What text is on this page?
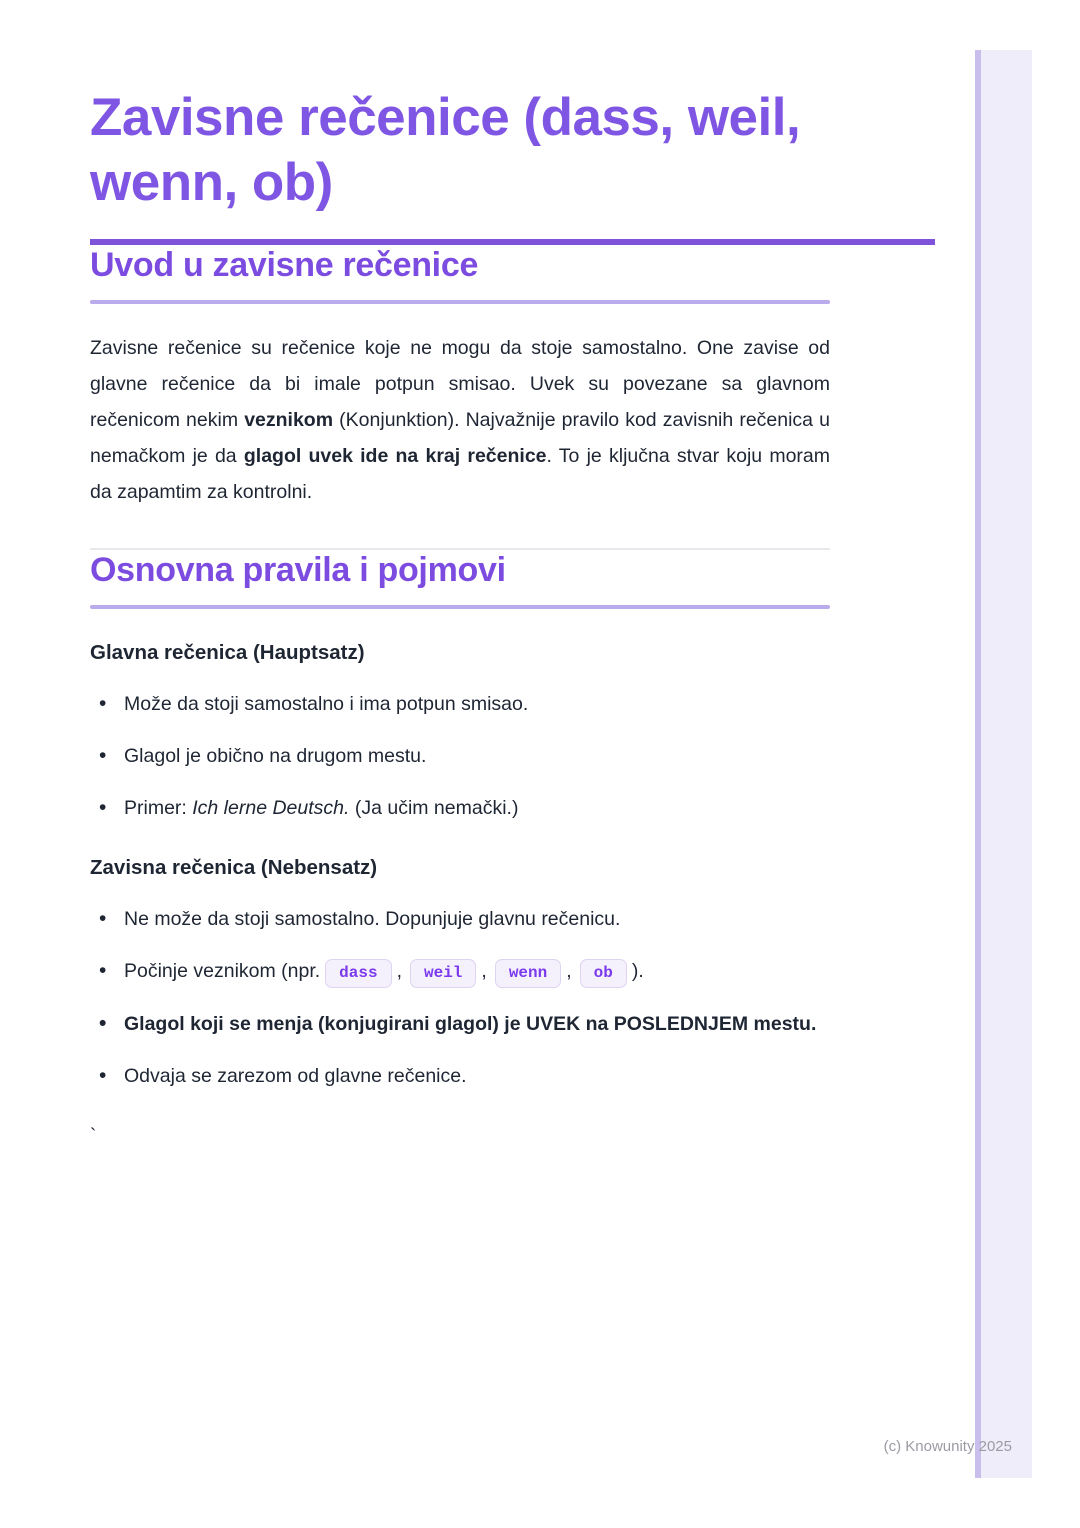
Zavisne rečenice (dass, weil,
wenn, ob)
Uvod u zavisne rečenice

Zavisne rečenice su rečenice koje ne mogu da stoje samostalno. One zavise od glavne rečenice da bi imale potpun smisao. Uvek su povezane sa glavnom rečenicom nekim veznikom (Konjunktion). Najvažnije pravilo kod zavisnih rečenica u nemačkom je da glagol uvek ide na kraj rečenice. To je ključna stvar koju moram da zapamtim za kontrolni.

Osnovna pravila i pojmovi
Glavna rečenica (Hauptsatz)
• Može da stoji samostalno i ima potpun smisao.
• Glagol je obično na drugom mestu.
• Primer: Ich lerne Deutsch. (Ja učim nemački.)
Zavisna rečenica (Nebensatz)
• Ne može da stoji samostalno. Dopunjuje glavnu rečenicu.
• Počinje veznikom (npr. dass , weil , wenn , ob ).
• Glagol koji se menja (konjugirani glagol) je UVEK na POSLEDNJEM mestu.
• Odvaja se zarezom od glavne rečenice.
`
(c) Knowunity 2025
